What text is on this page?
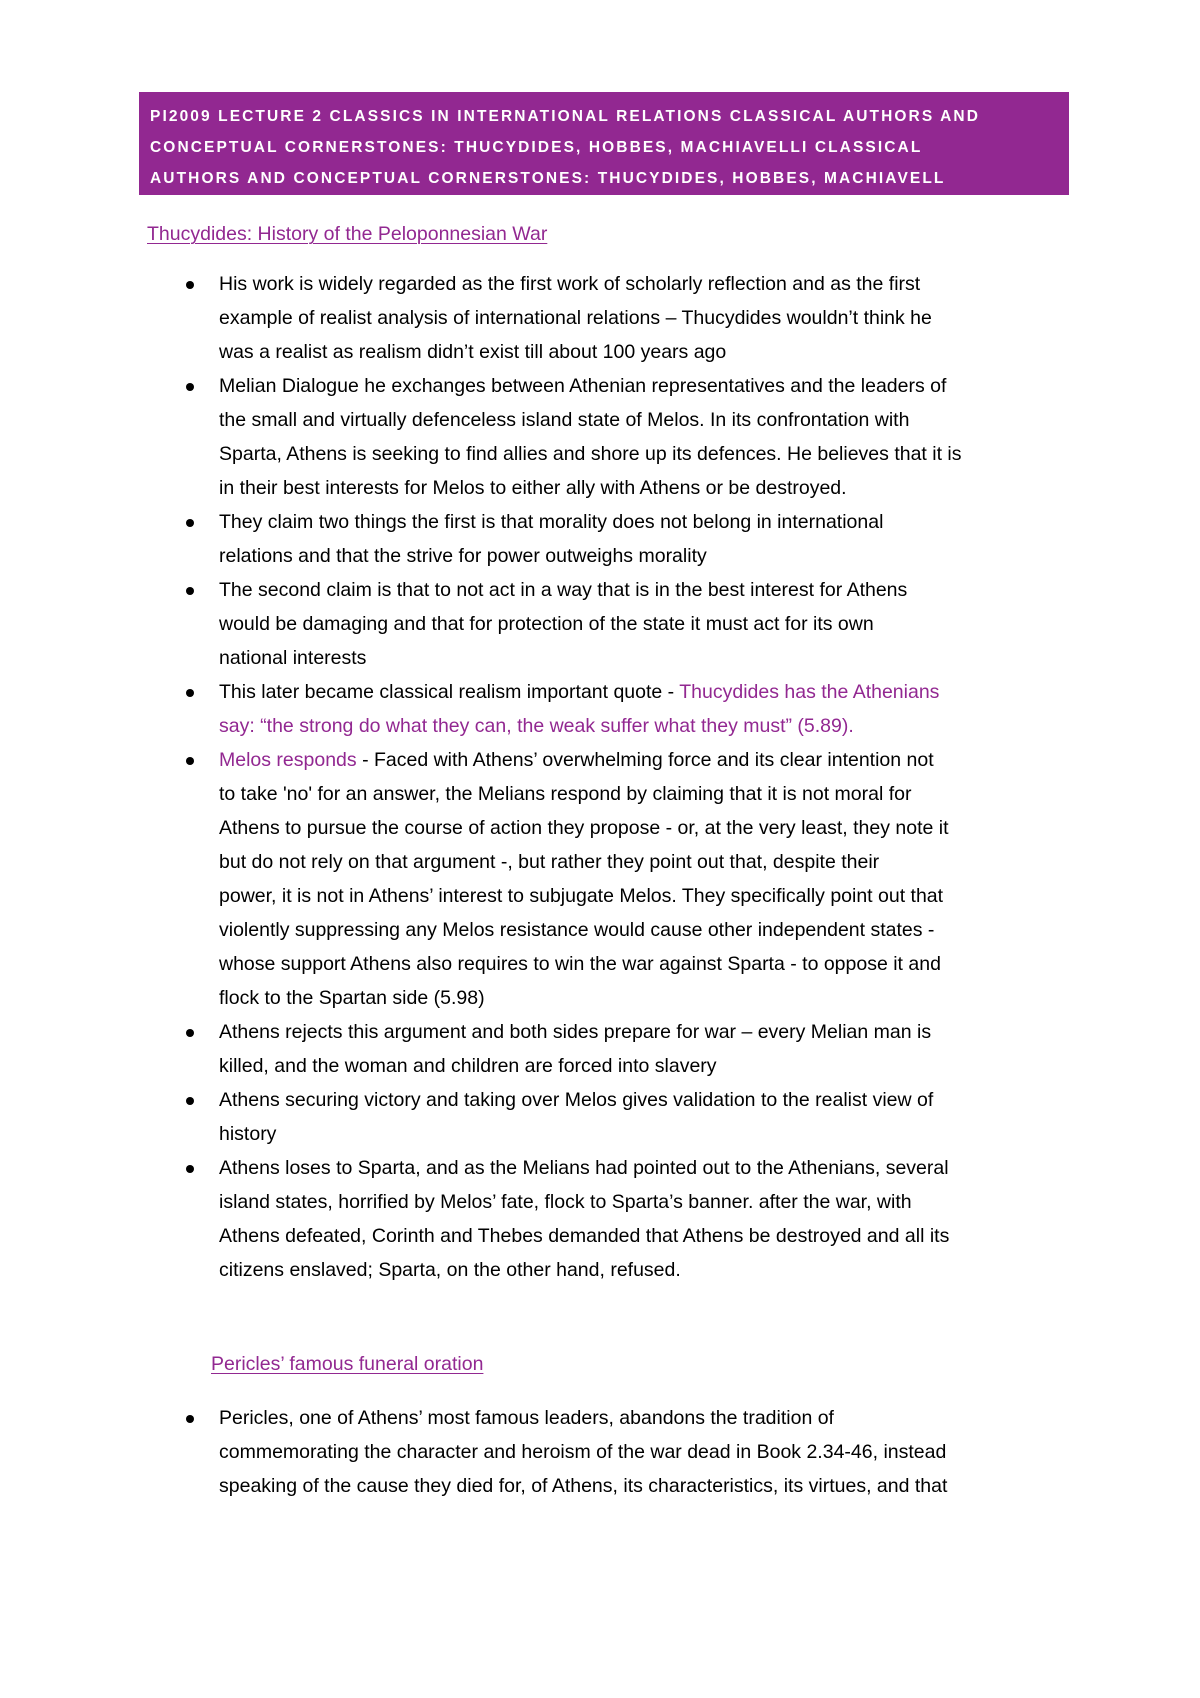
PI2009 LECTURE 2 CLASSICS IN INTERNATIONAL RELATIONS CLASSICAL AUTHORS AND
CONCEPTUAL CORNERSTONES: THUCYDIDES, HOBBES, MACHIAVELLI CLASSICAL
AUTHORS AND CONCEPTUAL CORNERSTONES: THUCYDIDES, HOBBES, MACHIAVELL
Thucydides: History of the Peloponnesian War
His work is widely regarded as the first work of scholarly reflection and as the first
example of realist analysis of international relations – Thucydides wouldn’t think he
was a realist as realism didn’t exist till about 100 years ago
Melian Dialogue he exchanges between Athenian representatives and the leaders of
the small and virtually defenceless island state of Melos. In its confrontation with
Sparta, Athens is seeking to find allies and shore up its defences. He believes that it is
in their best interests for Melos to either ally with Athens or be destroyed.
They claim two things the first is that morality does not belong in international
relations and that the strive for power outweighs morality
The second claim is that to not act in a way that is in the best interest for Athens
would be damaging and that for protection of the state it must act for its own
national interests
This later became classical realism important quote - Thucydides has the Athenians
say: “the strong do what they can, the weak suffer what they must” (5.89).
Melos responds - Faced with Athens’ overwhelming force and its clear intention not
to take 'no' for an answer, the Melians respond by claiming that it is not moral for
Athens to pursue the course of action they propose - or, at the very least, they note it
but do not rely on that argument -, but rather they point out that, despite their
power, it is not in Athens’ interest to subjugate Melos. They specifically point out that
violently suppressing any Melos resistance would cause other independent states -
whose support Athens also requires to win the war against Sparta - to oppose it and
flock to the Spartan side (5.98)
Athens rejects this argument and both sides prepare for war – every Melian man is
killed, and the woman and children are forced into slavery
Athens securing victory and taking over Melos gives validation to the realist view of
history
Athens loses to Sparta, and as the Melians had pointed out to the Athenians, several
island states, horrified by Melos’ fate, flock to Sparta’s banner. after the war, with
Athens defeated, Corinth and Thebes demanded that Athens be destroyed and all its
citizens enslaved; Sparta, on the other hand, refused.
Pericles’ famous funeral oration
Pericles, one of Athens’ most famous leaders, abandons the tradition of
commemorating the character and heroism of the war dead in Book 2.34-46, instead
speaking of the cause they died for, of Athens, its characteristics, its virtues, and that
